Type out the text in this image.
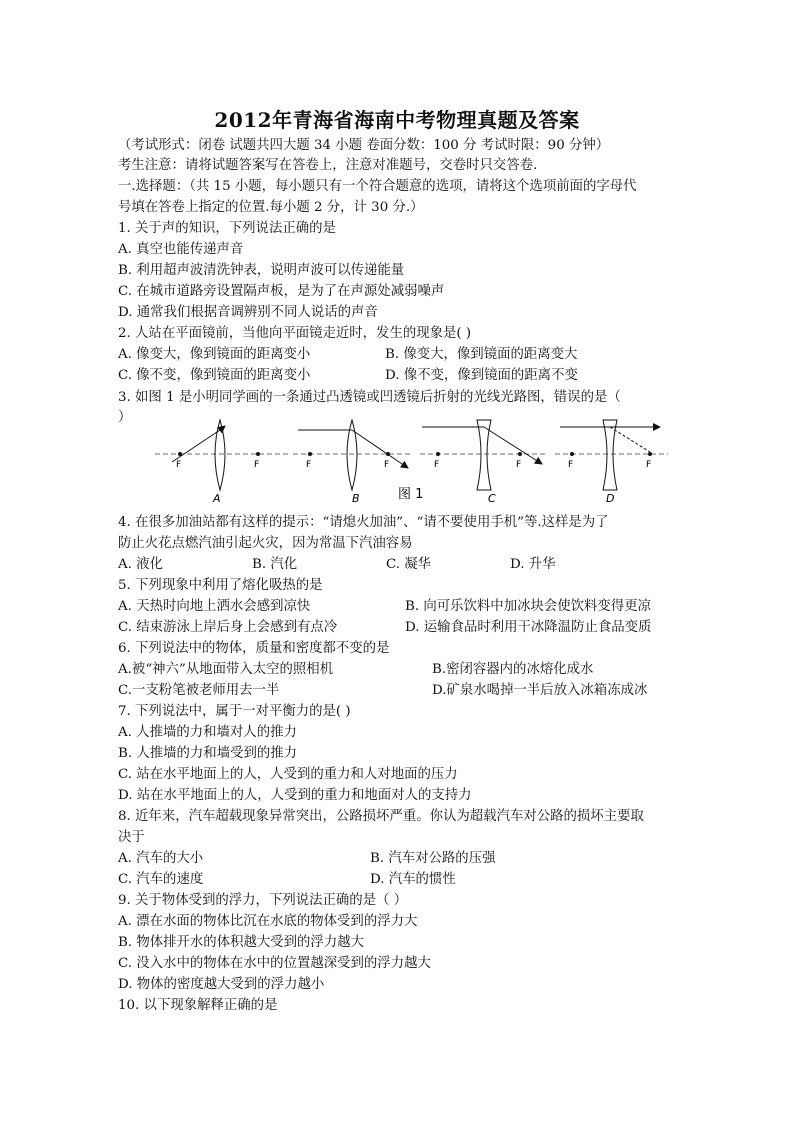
2012年青海省海南中考物理真题及答案
（考试形式：闭卷 试题共四大题 34 小题 卷面分数：100 分 考试时限：90 分钟）
考生注意：请将试题答案写在答卷上，注意对准题号，交卷时只交答卷.
一.选择题：（共 15 小题，每小题只有一个符合题意的选项，请将这个选项前面的字母代
号填在答卷上指定的位置.每小题 2 分，计 30 分.）
1. 关于声的知识，下列说法正确的是
A. 真空也能传递声音
B. 利用超声波清洗钟表，说明声波可以传递能量
C. 在城市道路旁设置隔声板，是为了在声源处减弱噪声
D. 通常我们根据音调辨别不同人说话的声音
2. 人站在平面镜前，当他向平面镜走近时，发生的现象是( )
A. 像变大，像到镜面的距离变小	B. 像变大，像到镜面的距离变大
C. 像不变，像到镜面的距离变小	D. 像不变，像到镜面的距离不变
3. 如图 1 是小明同学画的一条通过凸透镜或凹透镜后折射的光线光路图，错误的是（
）
F	F
A
F	F
B	图 1
F	F
C
F	F
D
4. 在很多加油站都有这样的提示：“请熄火加油”、“请不要使用手机”等.这样是为了
防止火花点燃汽油引起火灾，因为常温下汽油容易
A. 液化	B. 汽化	C. 凝华	D. 升华
5. 下列现象中利用了熔化吸热的是
A. 天热时向地上洒水会感到凉快	B. 向可乐饮料中加冰块会使饮料变得更凉
C. 结束游泳上岸后身上会感到有点冷	D. 运输食品时利用干冰降温防止食品变质
6. 下列说法中的物体，质量和密度都不变的是
A.被“神六”从地面带入太空的照相机	B.密闭容器内的冰熔化成水
C.一支粉笔被老师用去一半	D.矿泉水喝掉一半后放入冰箱冻成冰
7. 下列说法中，属于一对平衡力的是( )
A. 人推墙的力和墙对人的推力
B. 人推墙的力和墙受到的推力
C. 站在水平地面上的人，人受到的重力和人对地面的压力
D. 站在水平地面上的人，人受到的重力和地面对人的支持力
8. 近年来，汽车超载现象异常突出，公路损坏严重。你认为超载汽车对公路的损坏主要取
决于
A. 汽车的大小	B. 汽车对公路的压强
C. 汽车的速度	D. 汽车的惯性
9. 关于物体受到的浮力，下列说法正确的是（ ）
A. 漂在水面的物体比沉在水底的物体受到的浮力大
B. 物体排开水的体积越大受到的浮力越大
C. 没入水中的物体在水中的位置越深受到的浮力越大
D. 物体的密度越大受到的浮力越小
10. 以下现象解释正确的是
